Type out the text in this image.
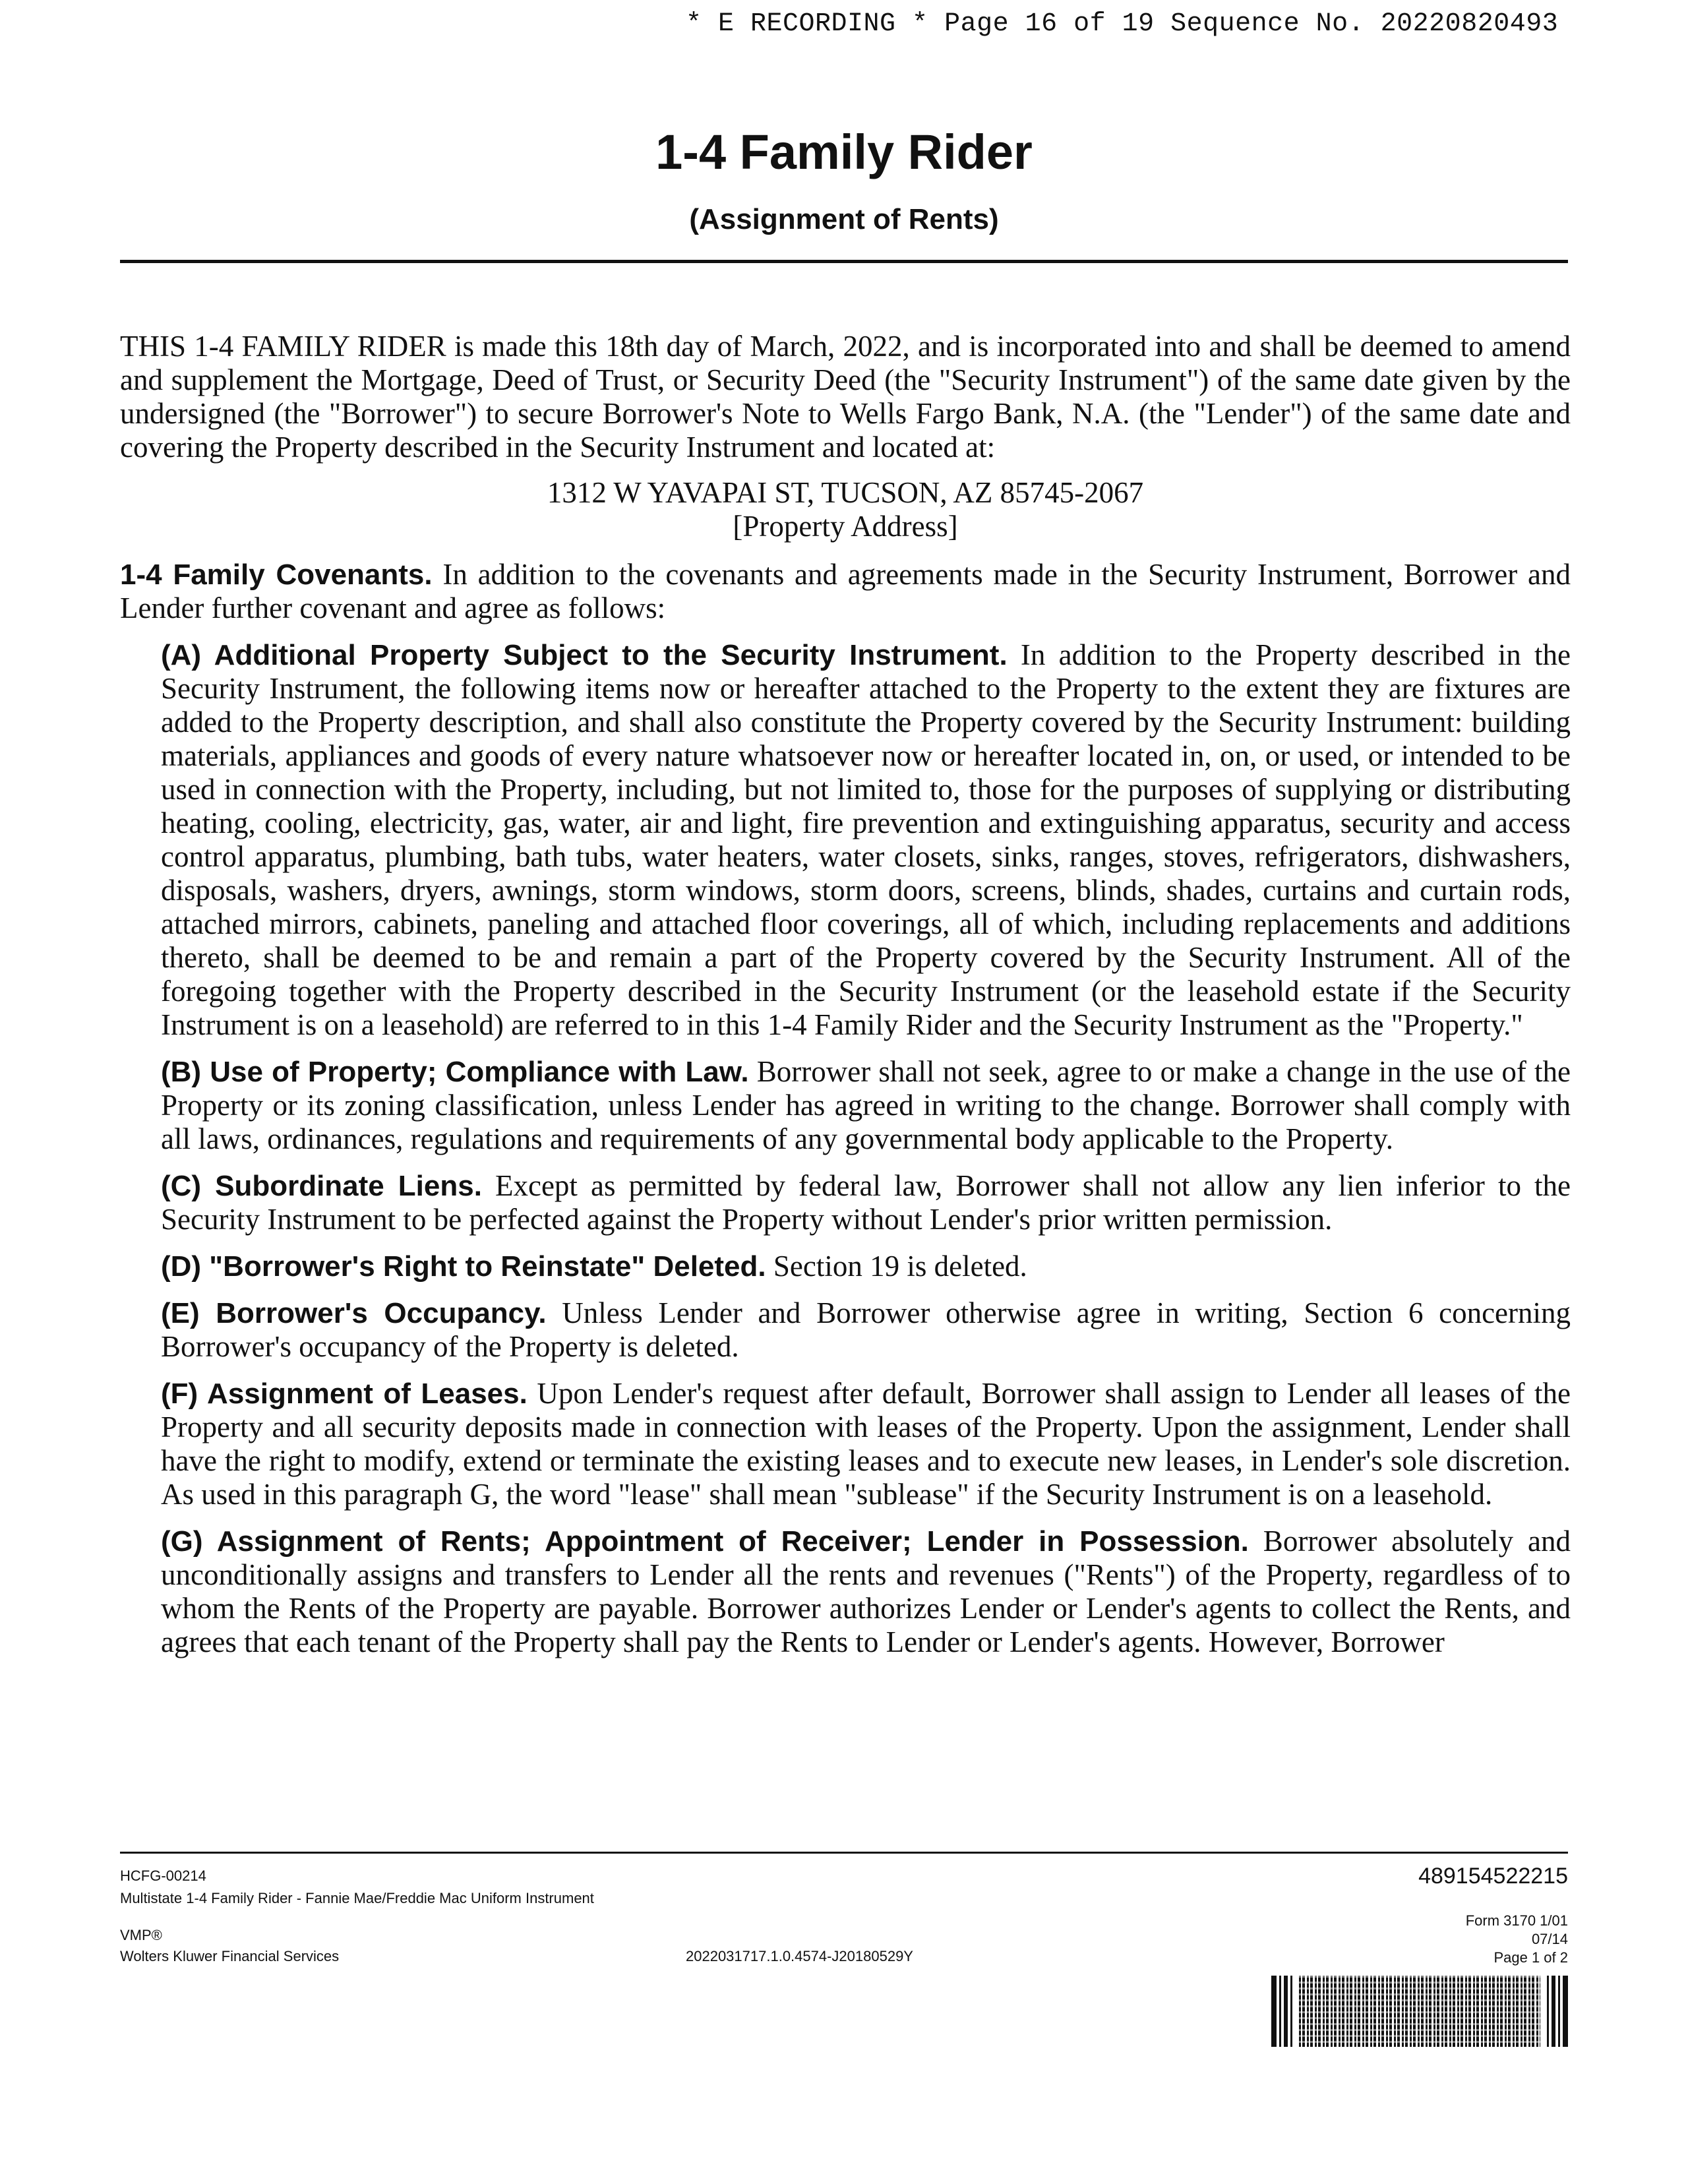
* E RECORDING * Page 16 of 19 Sequence No. 20220820493
1-4 Family Rider
(Assignment of Rents)

THIS 1-4 FAMILY RIDER is made this 18th day of March, 2022, and is incorporated into and shall be deemed to amend and supplement the Mortgage, Deed of Trust, or Security Deed (the "Security Instrument") of the same date given by the undersigned (the "Borrower") to secure Borrower's Note to Wells Fargo Bank, N.A. (the "Lender") of the same date and covering the Property described in the Security Instrument and located at:

1312 W YAVAPAI ST, TUCSON, AZ 85745-2067

[Property Address]

1-4 Family Covenants. In addition to the covenants and agreements made in the Security Instrument, Borrower and Lender further covenant and agree as follows:

(A) Additional Property Subject to the Security Instrument. In addition to the Property described in the Security Instrument, the following items now or hereafter attached to the Property to the extent they are fixtures are added to the Property description, and shall also constitute the Property covered by the Security Instrument: building materials, appliances and goods of every nature whatsoever now or hereafter located in, on, or used, or intended to be used in connection with the Property, including, but not limited to, those for the purposes of supplying or distributing heating, cooling, electricity, gas, water, air and light, fire prevention and extinguishing apparatus, security and access control apparatus, plumbing, bath tubs, water heaters, water closets, sinks, ranges, stoves, refrigerators, dishwashers, disposals, washers, dryers, awnings, storm windows, storm doors, screens, blinds, shades, curtains and curtain rods, attached mirrors, cabinets, paneling and attached floor coverings, all of which, including replacements and additions thereto, shall be deemed to be and remain a part of the Property covered by the Security Instrument. All of the foregoing together with the Property described in the Security Instrument (or the leasehold estate if the Security Instrument is on a leasehold) are referred to in this 1-4 Family Rider and the Security Instrument as the "Property."

(B) Use of Property; Compliance with Law. Borrower shall not seek, agree to or make a change in the use of the Property or its zoning classification, unless Lender has agreed in writing to the change. Borrower shall comply with all laws, ordinances, regulations and requirements of any governmental body applicable to the Property.

(C) Subordinate Liens. Except as permitted by federal law, Borrower shall not allow any lien inferior to the Security Instrument to be perfected against the Property without Lender's prior written permission.

(D) "Borrower's Right to Reinstate" Deleted. Section 19 is deleted.

(E) Borrower's Occupancy. Unless Lender and Borrower otherwise agree in writing, Section 6 concerning Borrower's occupancy of the Property is deleted.

(F) Assignment of Leases. Upon Lender's request after default, Borrower shall assign to Lender all leases of the Property and all security deposits made in connection with leases of the Property. Upon the assignment, Lender shall have the right to modify, extend or terminate the existing leases and to execute new leases, in Lender's sole discretion. As used in this paragraph G, the word "lease" shall mean "sublease" if the Security Instrument is on a leasehold.

(G) Assignment of Rents; Appointment of Receiver; Lender in Possession. Borrower absolutely and unconditionally assigns and transfers to Lender all the rents and revenues ("Rents") of the Property, regardless of to whom the Rents of the Property are payable. Borrower authorizes Lender or Lender's agents to collect the Rents, and agrees that each tenant of the Property shall pay the Rents to Lender or Lender's agents. However, Borrower

HCFG-00214
Multistate 1-4 Family Rider - Fannie Mae/Freddie Mac Uniform Instrument
VMP®
Wolters Kluwer Financial Services	2022031717.1.0.4574-J20180529Y
489154522215
Form 3170 1/01
07/14
Page 1 of 2
